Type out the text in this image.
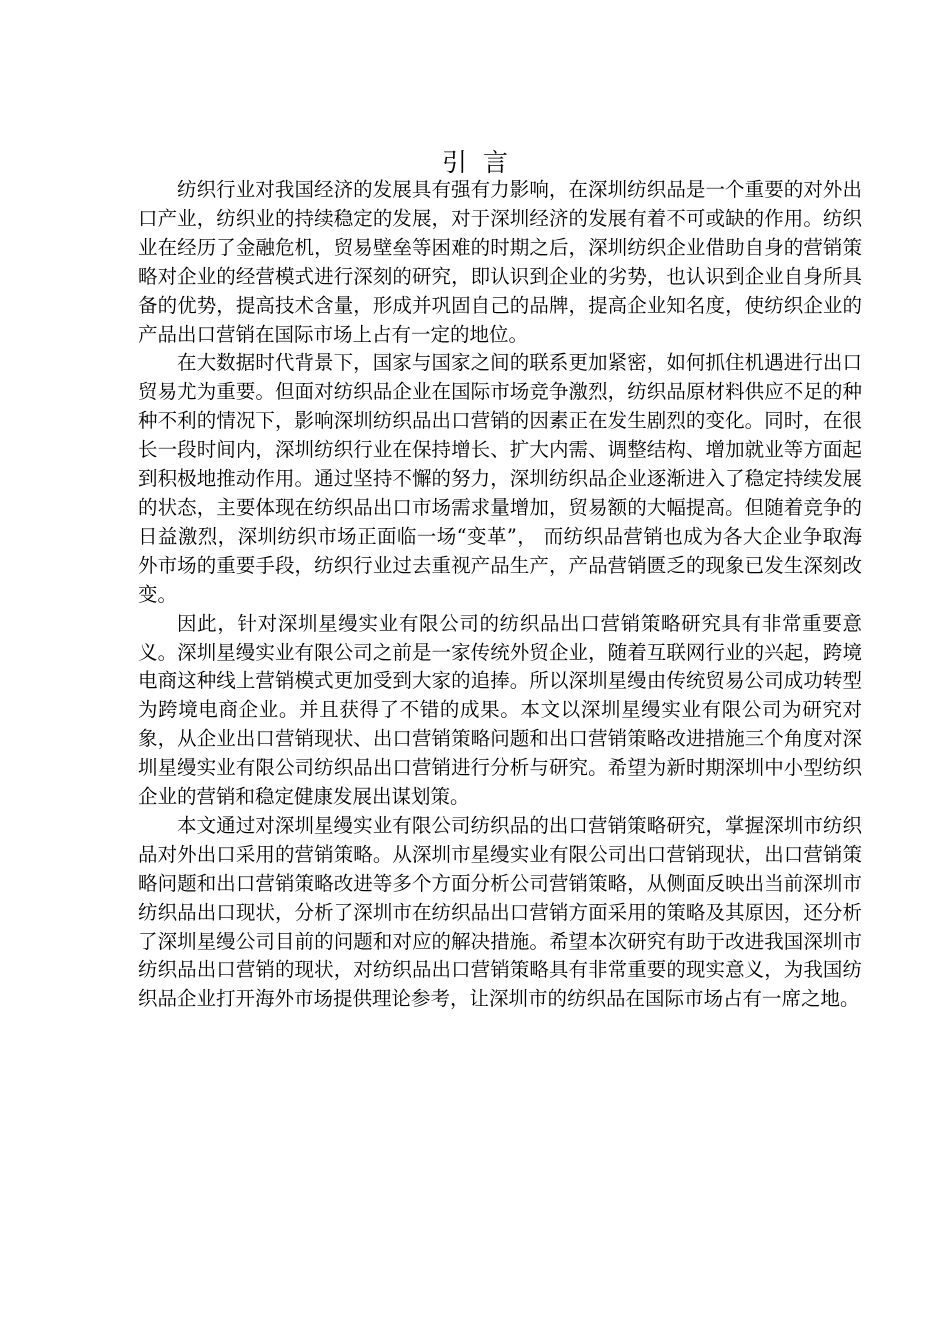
引言

纺织行业对我国经济的发展具有强有力影响，在深圳纺织品是一个重要的对外出口产业，纺织业的持续稳定的发展，对于深圳经济的发展有着不可或缺的作用。纺织业在经历了金融危机，贸易壁垒等困难的时期之后，深圳纺织企业借助自身的营销策略对企业的经营模式进行深刻的研究，即认识到企业的劣势，也认识到企业自身所具备的优势，提高技术含量，形成并巩固自己的品牌，提高企业知名度，使纺织企业的产品出口营销在国际市场上占有一定的地位。

在大数据时代背景下，国家与国家之间的联系更加紧密，如何抓住机遇进行出口贸易尤为重要。但面对纺织品企业在国际市场竞争激烈，纺织品原材料供应不足的种种不利的情况下，影响深圳纺织品出口营销的因素正在发生剧烈的变化。同时，在很长一段时间内，深圳纺织行业在保持增长、扩大内需、调整结构、增加就业等方面起到积极地推动作用。通过坚持不懈的努力，深圳纺织品企业逐渐进入了稳定持续发展的状态，主要体现在纺织品出口市场需求量增加，贸易额的大幅提高。但随着竞争的日益激烈，深圳纺织市场正面临一场“变革”， 而纺织品营销也成为各大企业争取海外市场的重要手段，纺织行业过去重视产品生产，产品营销匮乏的现象已发生深刻改变。

因此，针对深圳星缦实业有限公司的纺织品出口营销策略研究具有非常重要意义。深圳星缦实业有限公司之前是一家传统外贸企业，随着互联网行业的兴起，跨境电商这种线上营销模式更加受到大家的追捧。所以深圳星缦由传统贸易公司成功转型为跨境电商企业。并且获得了不错的成果。本文以深圳星缦实业有限公司为研究对象，从企业出口营销现状、出口营销策略问题和出口营销策略改进措施三个角度对深圳星缦实业有限公司纺织品出口营销进行分析与研究。希望为新时期深圳中小型纺织企业的营销和稳定健康发展出谋划策。

本文通过对深圳星缦实业有限公司纺织品的出口营销策略研究，掌握深圳市纺织品对外出口采用的营销策略。从深圳市星缦实业有限公司出口营销现状，出口营销策略问题和出口营销策略改进等多个方面分析公司营销策略，从侧面反映出当前深圳市纺织品出口现状，分析了深圳市在纺织品出口营销方面采用的策略及其原因，还分析了深圳星缦公司目前的问题和对应的解决措施。希望本次研究有助于改进我国深圳市纺织品出口营销的现状，对纺织品出口营销策略具有非常重要的现实意义，为我国纺织品企业打开海外市场提供理论参考，让深圳市的纺织品在国际市场占有一席之地。
